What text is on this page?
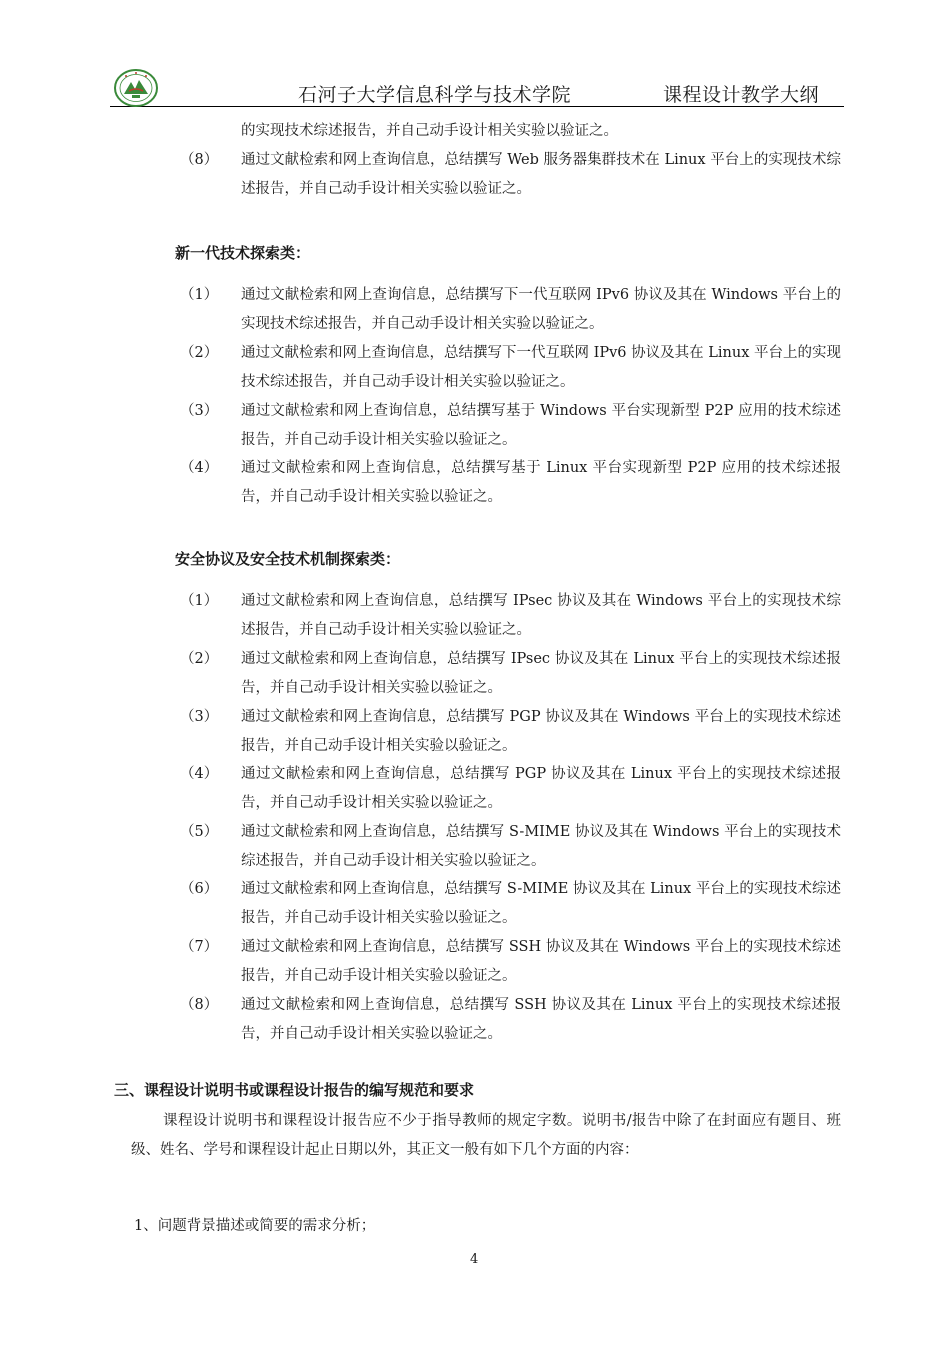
石河子大学信息科学与技术学院	课程设计教学大纲
的实现技术综述报告，并自己动手设计相关实验以验证之。
（8）	通过文献检索和网上查询信息，总结撰写 Web 服务器集群技术在 Linux 平台上的实现技术综述报告，并自己动手设计相关实验以验证之。
新一代技术探索类：
（1）	通过文献检索和网上查询信息，总结撰写下一代互联网 IPv6 协议及其在 Windows 平台上的实现技术综述报告，并自己动手设计相关实验以验证之。
（2）	通过文献检索和网上查询信息，总结撰写下一代互联网 IPv6 协议及其在 Linux 平台上的实现技术综述报告，并自己动手设计相关实验以验证之。
（3）	通过文献检索和网上查询信息，总结撰写基于 Windows 平台实现新型 P2P 应用的技术综述报告，并自己动手设计相关实验以验证之。
（4）	通过文献检索和网上查询信息，总结撰写基于 Linux 平台实现新型 P2P 应用的技术综述报告，并自己动手设计相关实验以验证之。
安全协议及安全技术机制探索类：
（1）	通过文献检索和网上查询信息，总结撰写 IPsec 协议及其在 Windows 平台上的实现技术综述报告，并自己动手设计相关实验以验证之。
（2）	通过文献检索和网上查询信息，总结撰写 IPsec 协议及其在 Linux 平台上的实现技术综述报告，并自己动手设计相关实验以验证之。
（3）	通过文献检索和网上查询信息，总结撰写 PGP 协议及其在 Windows 平台上的实现技术综述报告，并自己动手设计相关实验以验证之。
（4）	通过文献检索和网上查询信息，总结撰写 PGP 协议及其在 Linux 平台上的实现技术综述报告，并自己动手设计相关实验以验证之。
（5）	通过文献检索和网上查询信息，总结撰写 S-MIME 协议及其在 Windows 平台上的实现技术综述报告，并自己动手设计相关实验以验证之。
（6）	通过文献检索和网上查询信息，总结撰写 S-MIME 协议及其在 Linux 平台上的实现技术综述报告，并自己动手设计相关实验以验证之。
（7）	通过文献检索和网上查询信息，总结撰写 SSH 协议及其在 Windows 平台上的实现技术综述报告，并自己动手设计相关实验以验证之。
（8）	通过文献检索和网上查询信息，总结撰写 SSH 协议及其在 Linux 平台上的实现技术综述报告，并自己动手设计相关实验以验证之。
三、课程设计说明书或课程设计报告的编写规范和要求
课程设计说明书和课程设计报告应不少于指导教师的规定字数。说明书/报告中除了在封面应有题目、班级、姓名、学号和课程设计起止日期以外，其正文一般有如下几个方面的内容：
1、问题背景描述或简要的需求分析；
4
